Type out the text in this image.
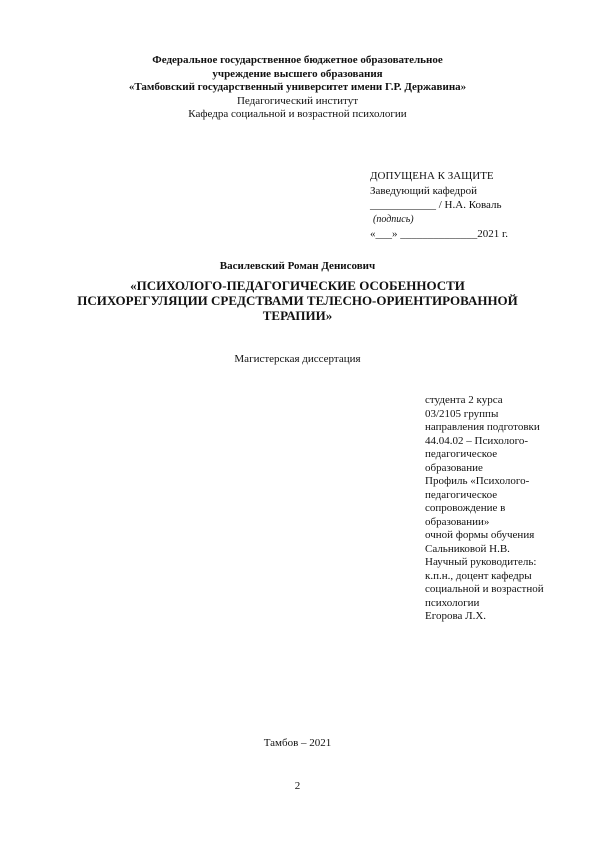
Федеральное государственное бюджетное образовательное
учреждение высшего образования
«Тамбовский государственный университет имени Г.Р. Державина»
Педагогический институт
Кафедра социальной и возрастной психологии
ДОПУЩЕНА К ЗАЩИТЕ
Заведующий кафедрой
____________ / Н.А. Коваль
(подпись)
«___» ______________2021 г.
Василевский Роман Денисович
«ПСИХОЛОГО-ПЕДАГОГИЧЕСКИЕ ОСОБЕННОСТИ
ПСИХОРЕГУЛЯЦИИ СРЕДСТВАМИ ТЕЛЕСНО-ОРИЕНТИРОВАННОЙ
ТЕРАПИИ»
Магистерская диссертация
студента 2 курса
03/2105 группы
направления подготовки
44.04.02 – Психолого-
педагогическое
образование
Профиль «Психолого-
педагогическое
сопровождение в
образовании»
очной формы обучения
Сальниковой Н.В.
Научный руководитель:
к.п.н., доцент кафедры
социальной и возрастной
психологии
Егорова Л.Х.
Тамбов – 2021
2
